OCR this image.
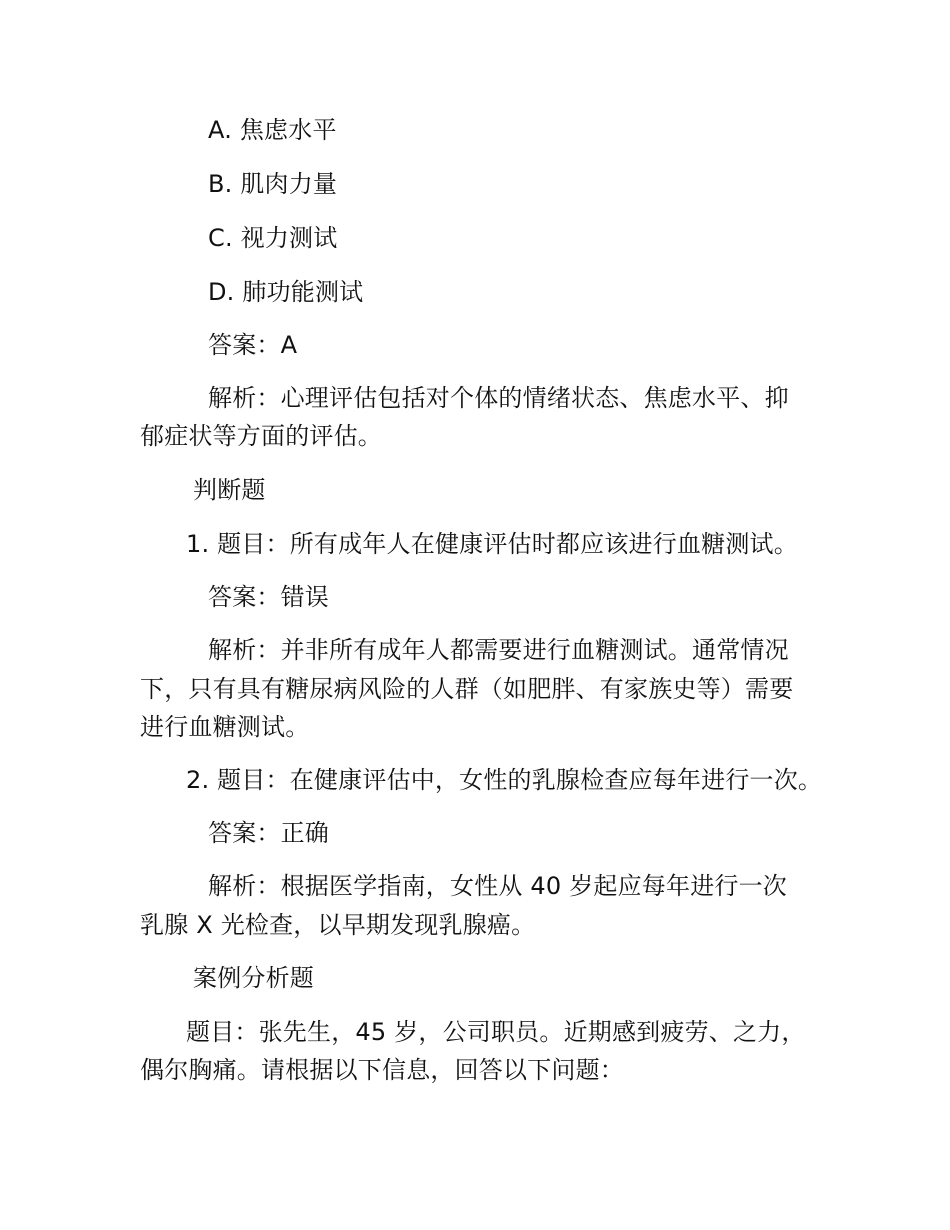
A. 焦虑水平
B. 肌肉力量
C. 视力测试
D. 肺功能测试
答案：A
解析：心理评估包括对个体的情绪状态、焦虑水平、抑
郁症状等方面的评估。
判断题
1. 题目：所有成年人在健康评估时都应该进行血糖测试。
答案：错误
解析：并非所有成年人都需要进行血糖测试。通常情况
下，只有具有糖尿病风险的人群（如肥胖、有家族史等）需要
进行血糖测试。
2. 题目：在健康评估中，女性的乳腺检查应每年进行一次。
答案：正确
解析：根据医学指南，女性从 40 岁起应每年进行一次
乳腺 X 光检查，以早期发现乳腺癌。
案例分析题
题目：张先生，45 岁，公司职员。近期感到疲劳、之力，
偶尔胸痛。请根据以下信息，回答以下问题：
